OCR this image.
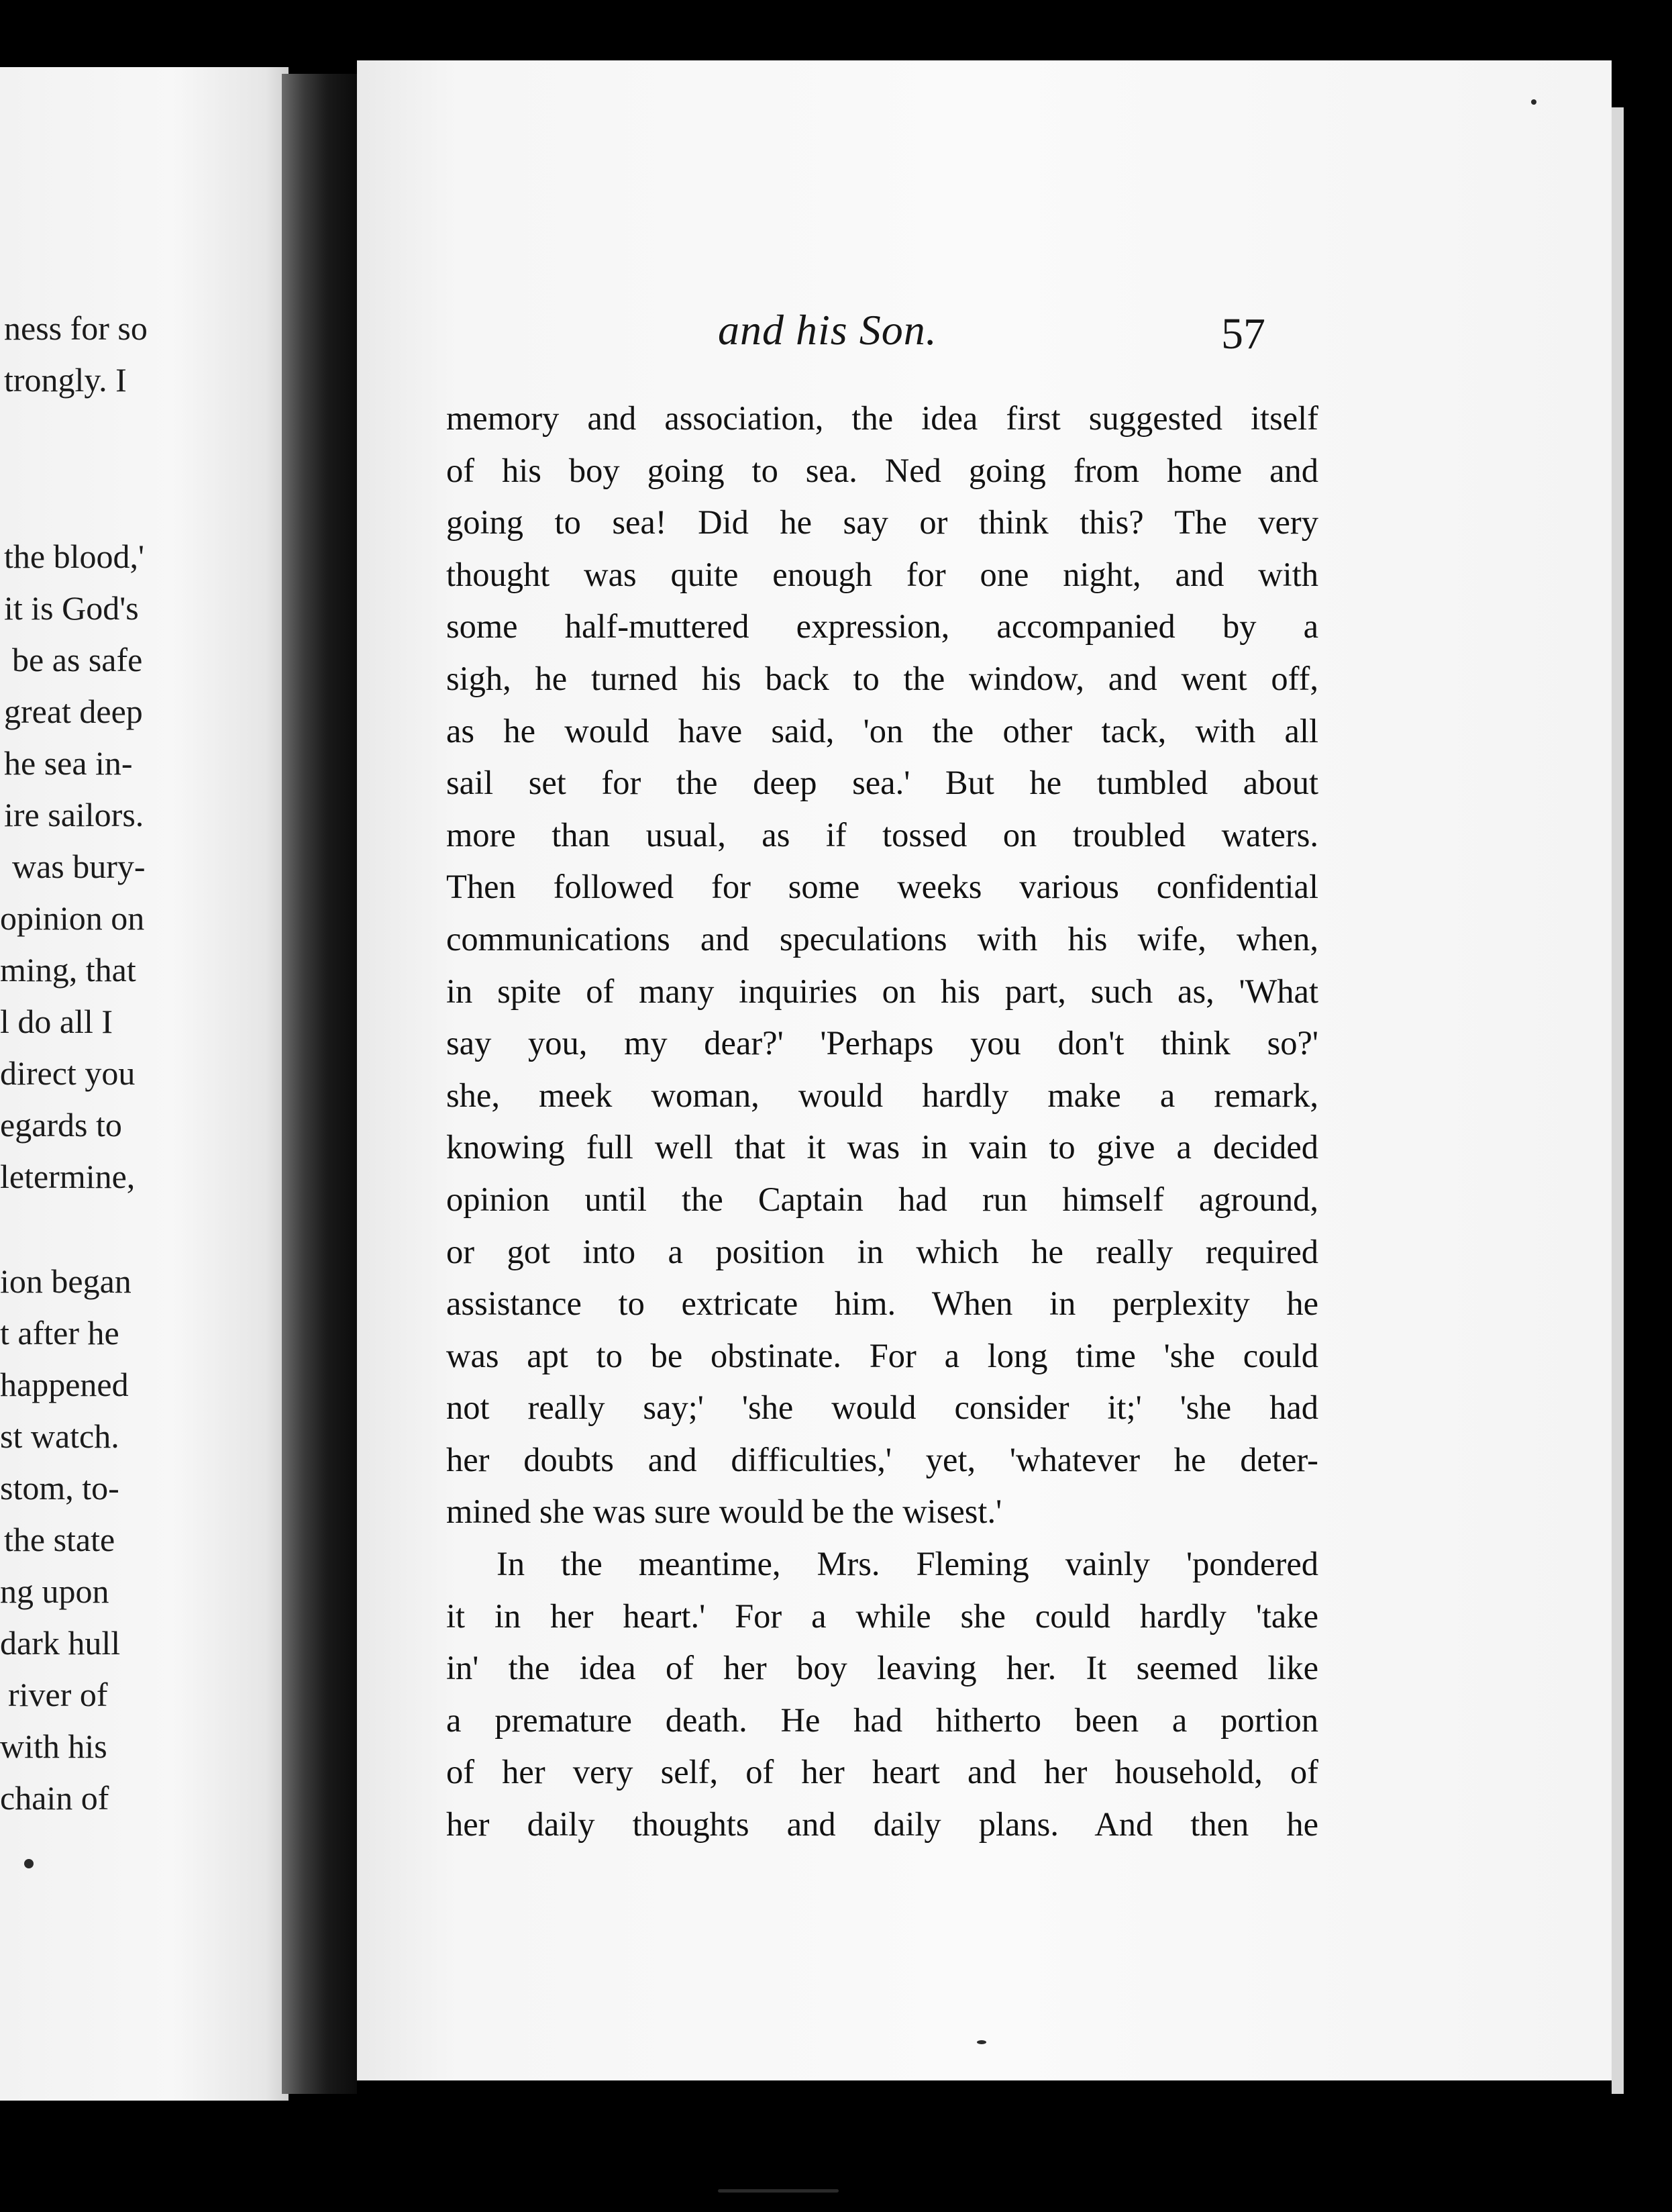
ness for so
trongly. I
the blood,'
it is God's
be as safe
great deep
he sea in-
ire sailors.
was bury-
opinion on
ming, that
l do all I
direct you
egards to
letermine,
ion began
t after he
happened
st watch.
stom, to-
the state
ng upon
dark hull
river of
with his
chain of
and his Son.	57
memory and association, the idea first suggested itself
of his boy going to sea. Ned going from home and
going to sea! Did he say or think this? The very
thought was quite enough for one night, and with
some half-muttered expression, accompanied by a
sigh, he turned his back to the window, and went off,
as he would have said, 'on the other tack, with all
sail set for the deep sea.' But he tumbled about
more than usual, as if tossed on troubled waters.
Then followed for some weeks various confidential
communications and speculations with his wife, when,
in spite of many inquiries on his part, such as, 'What
say you, my dear?' 'Perhaps you don't think so?'
she, meek woman, would hardly make a remark,
knowing full well that it was in vain to give a decided
opinion until the Captain had run himself aground,
or got into a position in which he really required
assistance to extricate him. When in perplexity he
was apt to be obstinate. For a long time 'she could
not really say;' 'she would consider it;' 'she had
her doubts and difficulties,' yet, 'whatever he deter-
mined she was sure would be the wisest.'
In the meantime, Mrs. Fleming vainly 'pondered
it in her heart.' For a while she could hardly 'take
in' the idea of her boy leaving her. It seemed like
a premature death. He had hitherto been a portion
of her very self, of her heart and her household, of
her daily thoughts and daily plans. And then he
